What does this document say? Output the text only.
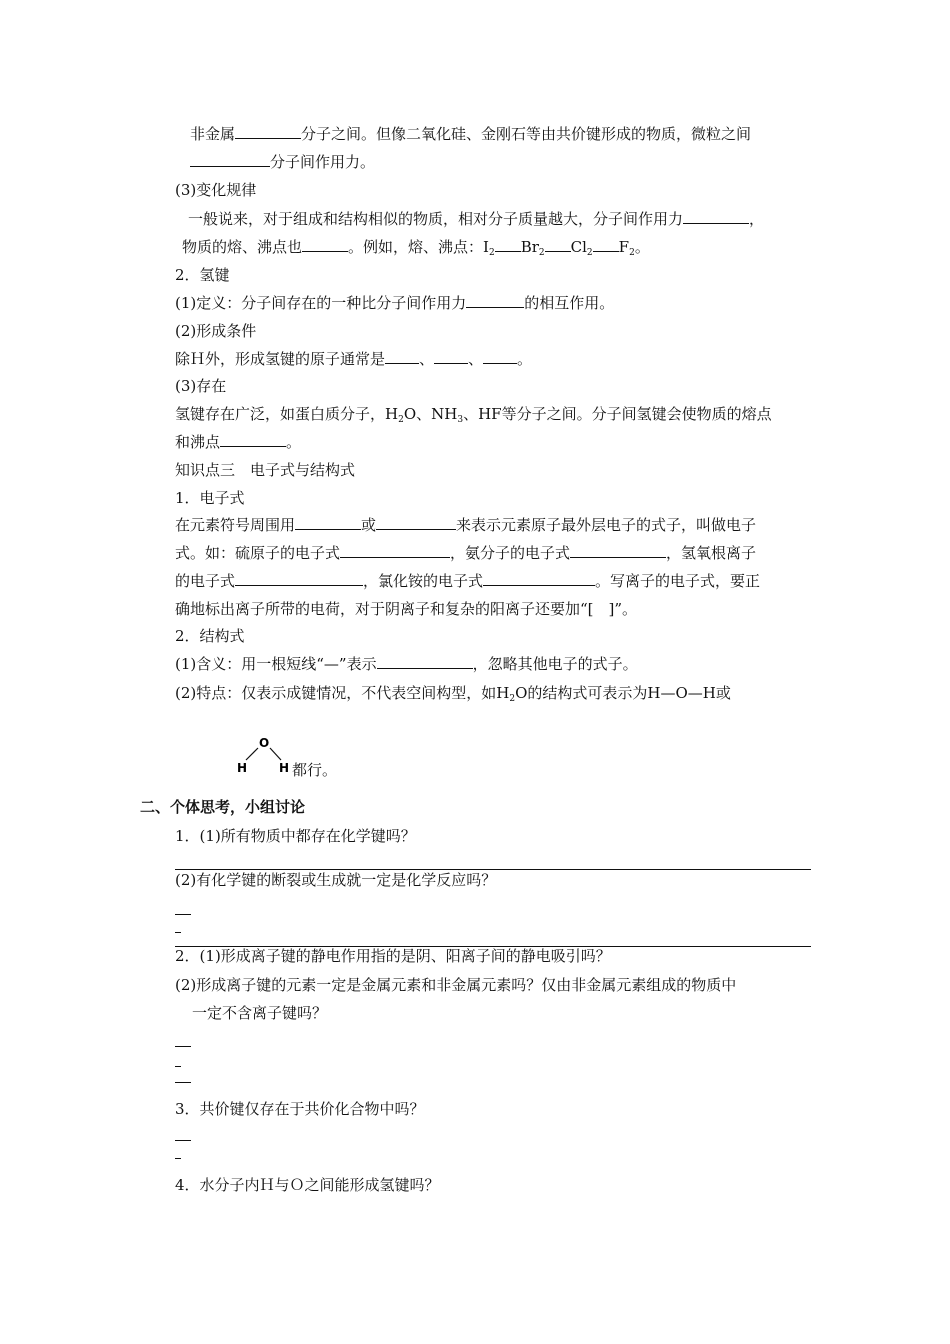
非金属	分子之间。但像二氧化硅、金刚石等由共价键形成的物质，微粒之间
分子间作用力。
(3)变化规律
一般说来，对于组成和结构相似的物质，相对分子质量越大，分子间作用力	，
物质的熔、沸点也	。例如，熔、沸点：$I_2$ $Br_2$ $Cl_2$ $F_2$。
2．氢键
(1)定义：分子间存在的一种比分子间作用力	的相互作用。
(2)形成条件
除Ｈ外，形成氢键的原子通常是 、 、 。
(3)存在
氢键存在广泛，如蛋白质分子，$H_2O$、$NH_3$、HF等分子之间。分子间氢键会使物质的熔点
和沸点	。
知识点三　电子式与结构式
1．电子式
在元素符号周围用	或	来表示元素原子最外层电子的式子，叫做电子
式。如：硫原子的电子式	，氨分子的电子式	，氢氧根离子
的电子式	，氯化铵的电子式	。写离子的电子式，要正
确地标出离子所带的电荷，对于阴离子和复杂的阳离子还要加“[　]”。
2．结构式
(1)含义：用一根短线“—”表示	，忽略其他电子的式子。
(2)特点：仅表示成键情况，不代表空间构型，如$H_2O$的结构式可表示为H—O—H或
O
H	H 都行。
二、个体思考，小组讨论
1．(1)所有物质中都存在化学键吗？
(2)有化学键的断裂或生成就一定是化学反应吗？
2．(1)形成离子键的静电作用指的是阴、阳离子间的静电吸引吗？
(2)形成离子键的元素一定是金属元素和非金属元素吗？仅由非金属元素组成的物质中
一定不含离子键吗？
3．共价键仅存在于共价化合物中吗？
4．水分子内Ｈ与Ｏ之间能形成氢键吗？
